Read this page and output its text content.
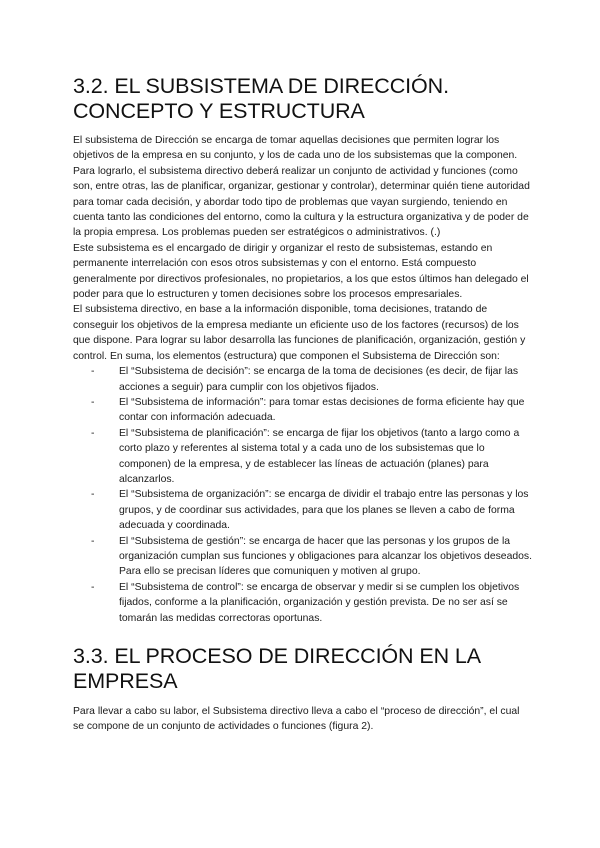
3.2. EL SUBSISTEMA DE DIRECCIÓN. CONCEPTO Y ESTRUCTURA

El subsistema de Dirección se encarga de tomar aquellas decisiones que permiten lograr los objetivos de la empresa en su conjunto, y los de cada uno de los subsistemas que la componen. Para lograrlo, el subsistema directivo deberá realizar un conjunto de actividad y funciones (como son, entre otras, las de planificar, organizar, gestionar y controlar), determinar quién tiene autoridad para tomar cada decisión, y abordar todo tipo de problemas que vayan surgiendo, teniendo en cuenta tanto las condiciones del entorno, como la cultura y la estructura organizativa y de poder de la propia empresa. Los problemas pueden ser estratégicos o administrativos. (.)

Este subsistema es el encargado de dirigir y organizar el resto de subsistemas, estando en permanente interrelación con esos otros subsistemas y con el entorno. Está compuesto generalmente por directivos profesionales, no propietarios, a los que estos últimos han delegado el poder para que lo estructuren y tomen decisiones sobre los procesos empresariales.

El subsistema directivo, en base a la información disponible, toma decisiones, tratando de conseguir los objetivos de la empresa mediante un eficiente uso de los factores (recursos) de los que dispone. Para lograr su labor desarrolla las funciones de planificación, organización, gestión y control. En suma, los elementos (estructura) que componen el Subsistema de Dirección son:

- El “Subsistema de decisión”: se encarga de la toma de decisiones (es decir, de fijar las acciones a seguir) para cumplir con los objetivos fijados.
- El “Subsistema de información”: para tomar estas decisiones de forma eficiente hay que contar con información adecuada.
- El “Subsistema de planificación”: se encarga de fijar los objetivos (tanto a largo como a corto plazo y referentes al sistema total y a cada uno de los subsistemas que lo componen) de la empresa, y de establecer las líneas de actuación (planes) para alcanzarlos.
- El “Subsistema de organización”: se encarga de dividir el trabajo entre las personas y los grupos, y de coordinar sus actividades, para que los planes se lleven a cabo de forma adecuada y coordinada.
- El “Subsistema de gestión”: se encarga de hacer que las personas y los grupos de la organización cumplan sus funciones y obligaciones para alcanzar los objetivos deseados. Para ello se precisan líderes que comuniquen y motiven al grupo.
- El “Subsistema de control”: se encarga de observar y medir si se cumplen los objetivos fijados, conforme a la planificación, organización y gestión prevista. De no ser así se tomarán las medidas correctoras oportunas.
3.3. EL PROCESO DE DIRECCIÓN EN LA EMPRESA

Para llevar a cabo su labor, el Subsistema directivo lleva a cabo el “proceso de dirección”, el cual se compone de un conjunto de actividades o funciones (figura 2).
